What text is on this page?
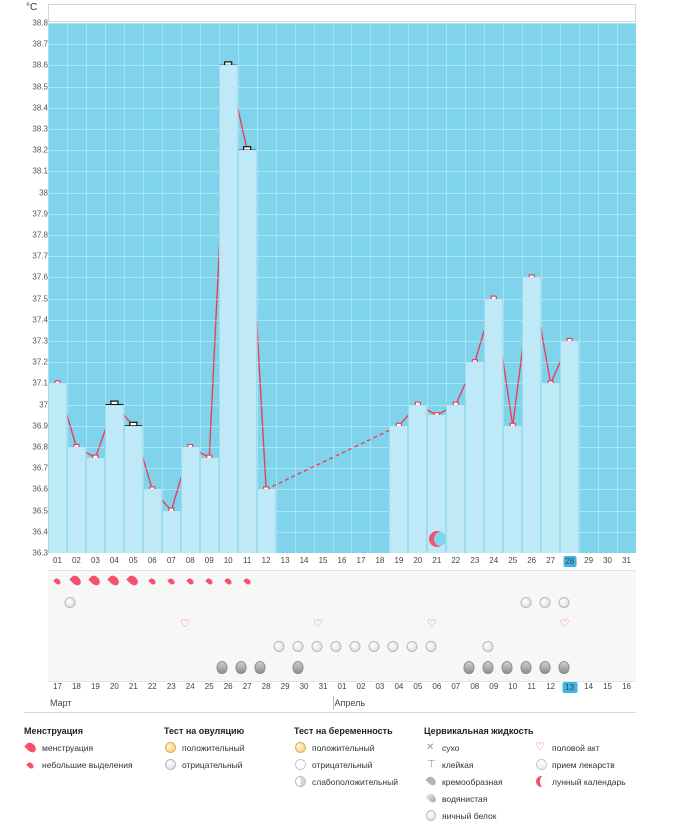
°C
38.8
38.7
38.6
38.5
38.4
38.3
38.2
38.1
38
37.9
37.8
37.7
37.6
37.5
37.4
37.3
37.2
37.1
37
36.9
36.8
36.7
36.6
36.5
36.4
36.3
01 02 03 04 05 06 07 08 09 10 11 12 13 14 15 16 17 18 19 20 21 22 23 24 25 26 27 28 29 30 31
♡	♡	♡	♡
17 18 19 20 21 22 23 24 25 26 27 28 29 30 31 01 02 03 04 05 06 07 08 09 10 11 12	13	14 15 16
Март	Апрель
Менструация
менструация
небольшие выделения
Тест на овуляцию
положительный
отрицательный
Тест на беременность
положительный
отрицательный
слабоположительный
Цервикальная жидкость
✕ сухо
⊤ клейкая
кремообразная
водянистая
яичный белок

♡ половой акт
прием лекарств
лунный календарь
